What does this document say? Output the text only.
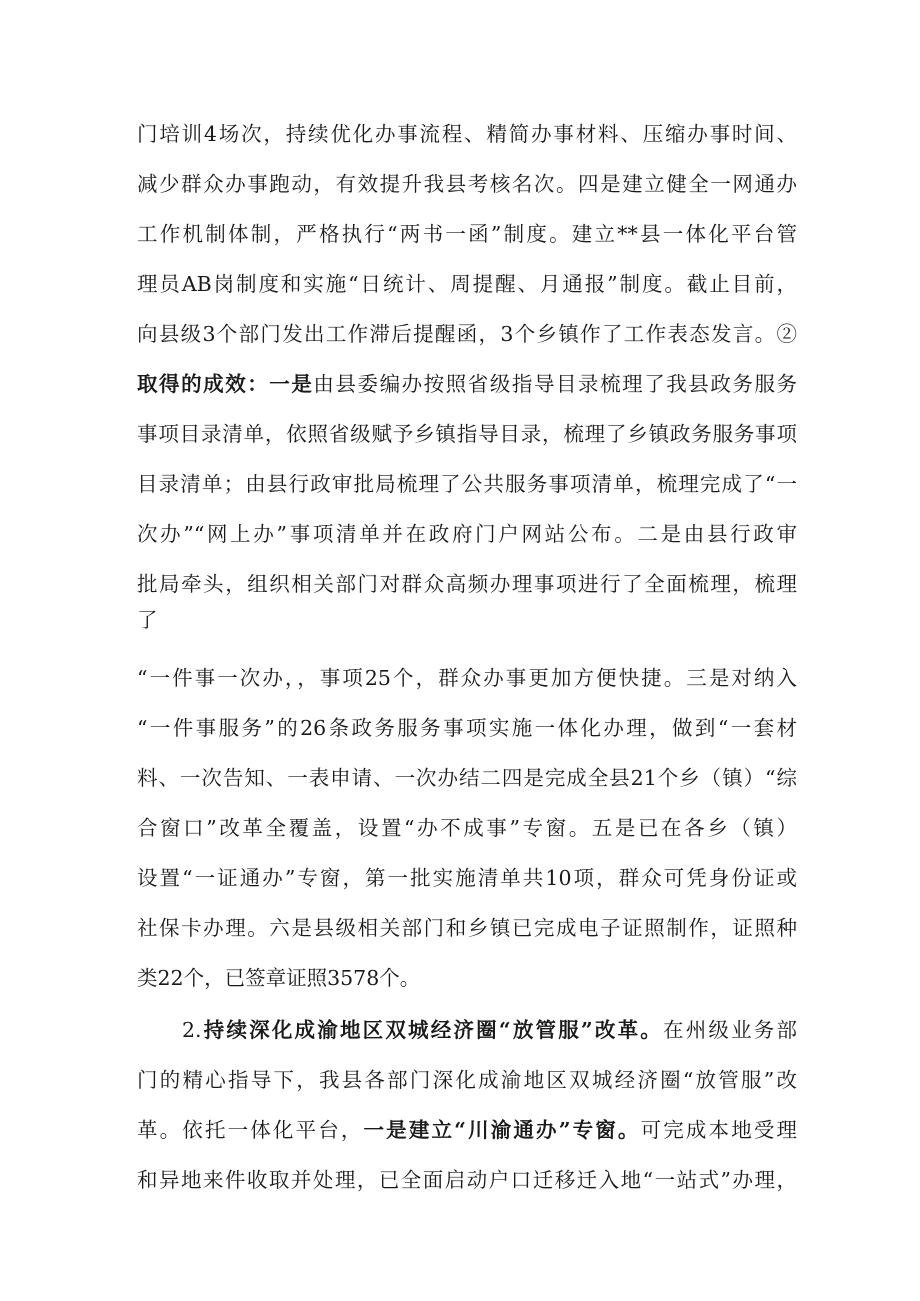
门培训4场次，持续优化办事流程、精简办事材料、压缩办事时间、
减少群众办事跑动，有效提升我县考核名次。四是建立健全一网通办
工作机制体制，严格执行“两书一函”制度。建立**县一体化平台管
理员AB岗制度和实施“日统计、周提醒、月通报”制度。截止目前，
向县级3个部门发出工作滞后提醒函，3个乡镇作了工作表态发言。②
取得的成效：一是由县委编办按照省级指导目录梳理了我县政务服务
事项目录清单，依照省级赋予乡镇指导目录，梳理了乡镇政务服务事项
目录清单；由县行政审批局梳理了公共服务事项清单，梳理完成了“一
次办”“网上办”事项清单并在政府门户网站公布。二是由县行政审
批局牵头，组织相关部门对群众高频办理事项进行了全面梳理，梳理
了
“一件事一次办，，事项25个，群众办事更加方便快捷。三是对纳入
“一件事服务”的26条政务服务事项实施一体化办理，做到“一套材
料、一次告知、一表申请、一次办结二四是完成全县21个乡（镇）“综
合窗口”改革全覆盖，设置“办不成事”专窗。五是已在各乡（镇）
设置“一证通办”专窗，第一批实施清单共10项，群众可凭身份证或
社保卡办理。六是县级相关部门和乡镇已完成电子证照制作，证照种
类22个，已签章证照3578个。
2.持续深化成渝地区双城经济圈“放管服”改革。在州级业务部
门的精心指导下，我县各部门深化成渝地区双城经济圈“放管服”改
革。依托一体化平台，一是建立“川渝通办”专窗。可完成本地受理
和异地来件收取并处理，已全面启动户口迁移迁入地“一站式”办理，
